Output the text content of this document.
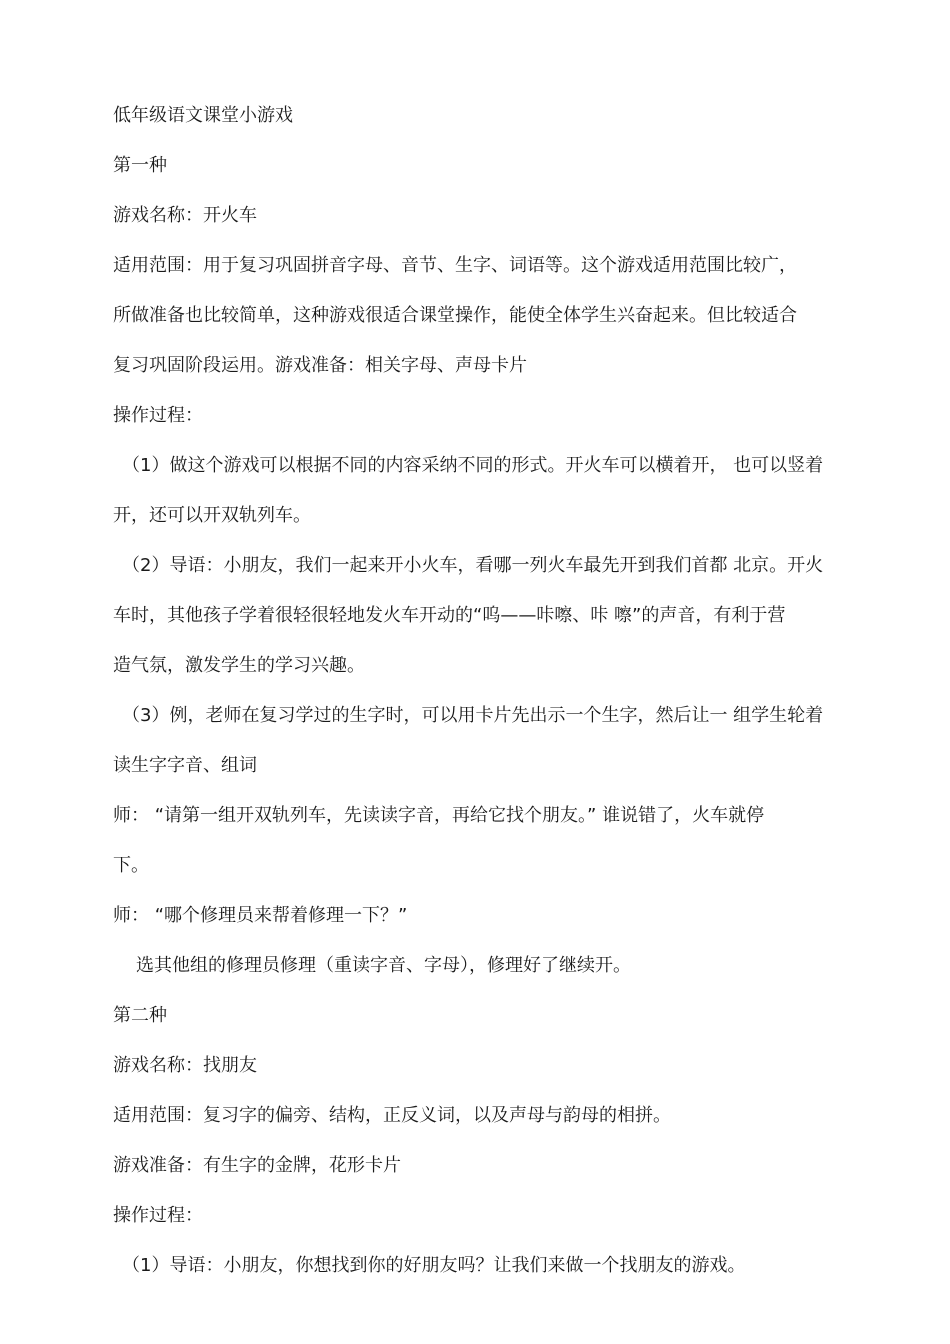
低年级语文课堂小游戏
第一种
游戏名称：开火车
适用范围：用于复习巩固拼音字母、音节、生字、词语等。这个游戏适用范围比较广，
所做准备也比较简单，这种游戏很适合课堂操作，能使全体学生兴奋起来。但比较适合
复习巩固阶段运用。游戏准备：相关字母、声母卡片
操作过程：
（1）做这个游戏可以根据不同的内容采纳不同的形式。开火车可以横着开， 也可以竖着
开，还可以开双轨列车。
（2）导语：小朋友，我们一起来开小火车，看哪一列火车最先开到我们首都 北京。开火
车时，其他孩子学着很轻很轻地发火车开动的“呜——咔嚓、咔 嚓”的声音，有利于营
造气氛，激发学生的学习兴趣。
（3）例，老师在复习学过的生字时，可以用卡片先出示一个生字，然后让一 组学生轮着
读生字字音、组词
师： “请第一组开双轨列车，先读读字音，再给它找个朋友。” 谁说错了，火车就停
下。
师： “哪个修理员来帮着修理一下？”
选其他组的修理员修理（重读字音、字母），修理好了继续开。
第二种
游戏名称：找朋友
适用范围：复习字的偏旁、结构，正反义词，以及声母与韵母的相拼。
游戏准备：有生字的金牌，花形卡片
操作过程：
（1）导语：小朋友，你想找到你的好朋友吗？让我们来做一个找朋友的游戏。
